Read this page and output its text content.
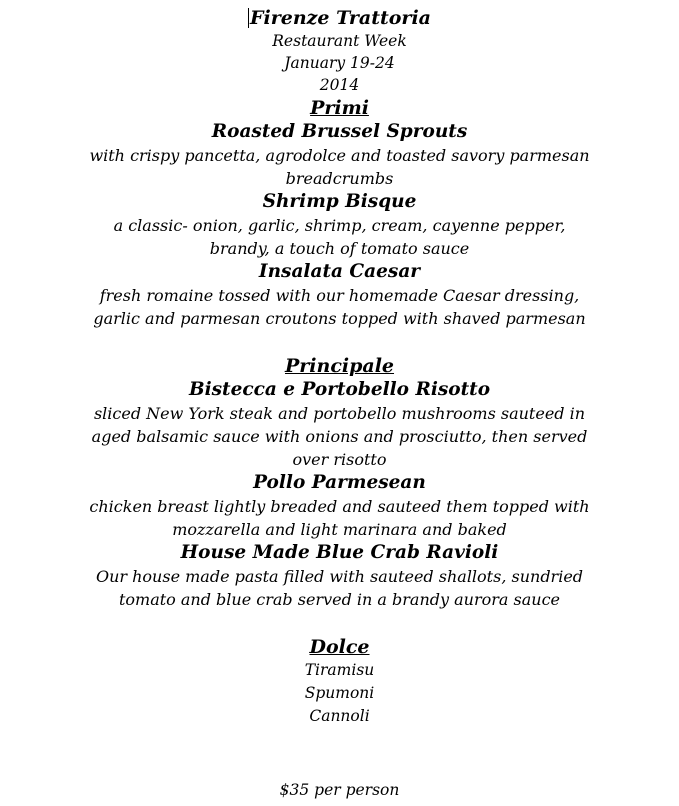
Firenze Trattoria
Restaurant Week
January 19-24
2014
Primi
Roasted Brussel Sprouts
with crispy pancetta, agrodolce and toasted savory parmesan
breadcrumbs
Shrimp Bisque
a classic- onion, garlic, shrimp, cream, cayenne pepper,
brandy, a touch of tomato sauce
Insalata Caesar
fresh romaine tossed with our homemade Caesar dressing,
garlic and parmesan croutons topped with shaved parmesan
Principale
Bistecca e Portobello Risotto
sliced New York steak and portobello mushrooms sauteed in
aged balsamic sauce with onions and prosciutto, then served
over risotto
Pollo Parmesean
chicken breast lightly breaded and sauteed them topped with
mozzarella and light marinara and baked
House Made Blue Crab Ravioli
Our house made pasta filled with sauteed shallots, sundried
tomato and blue crab served in a brandy aurora sauce
Dolce
Tiramisu
Spumoni
Cannoli
$35 per person
